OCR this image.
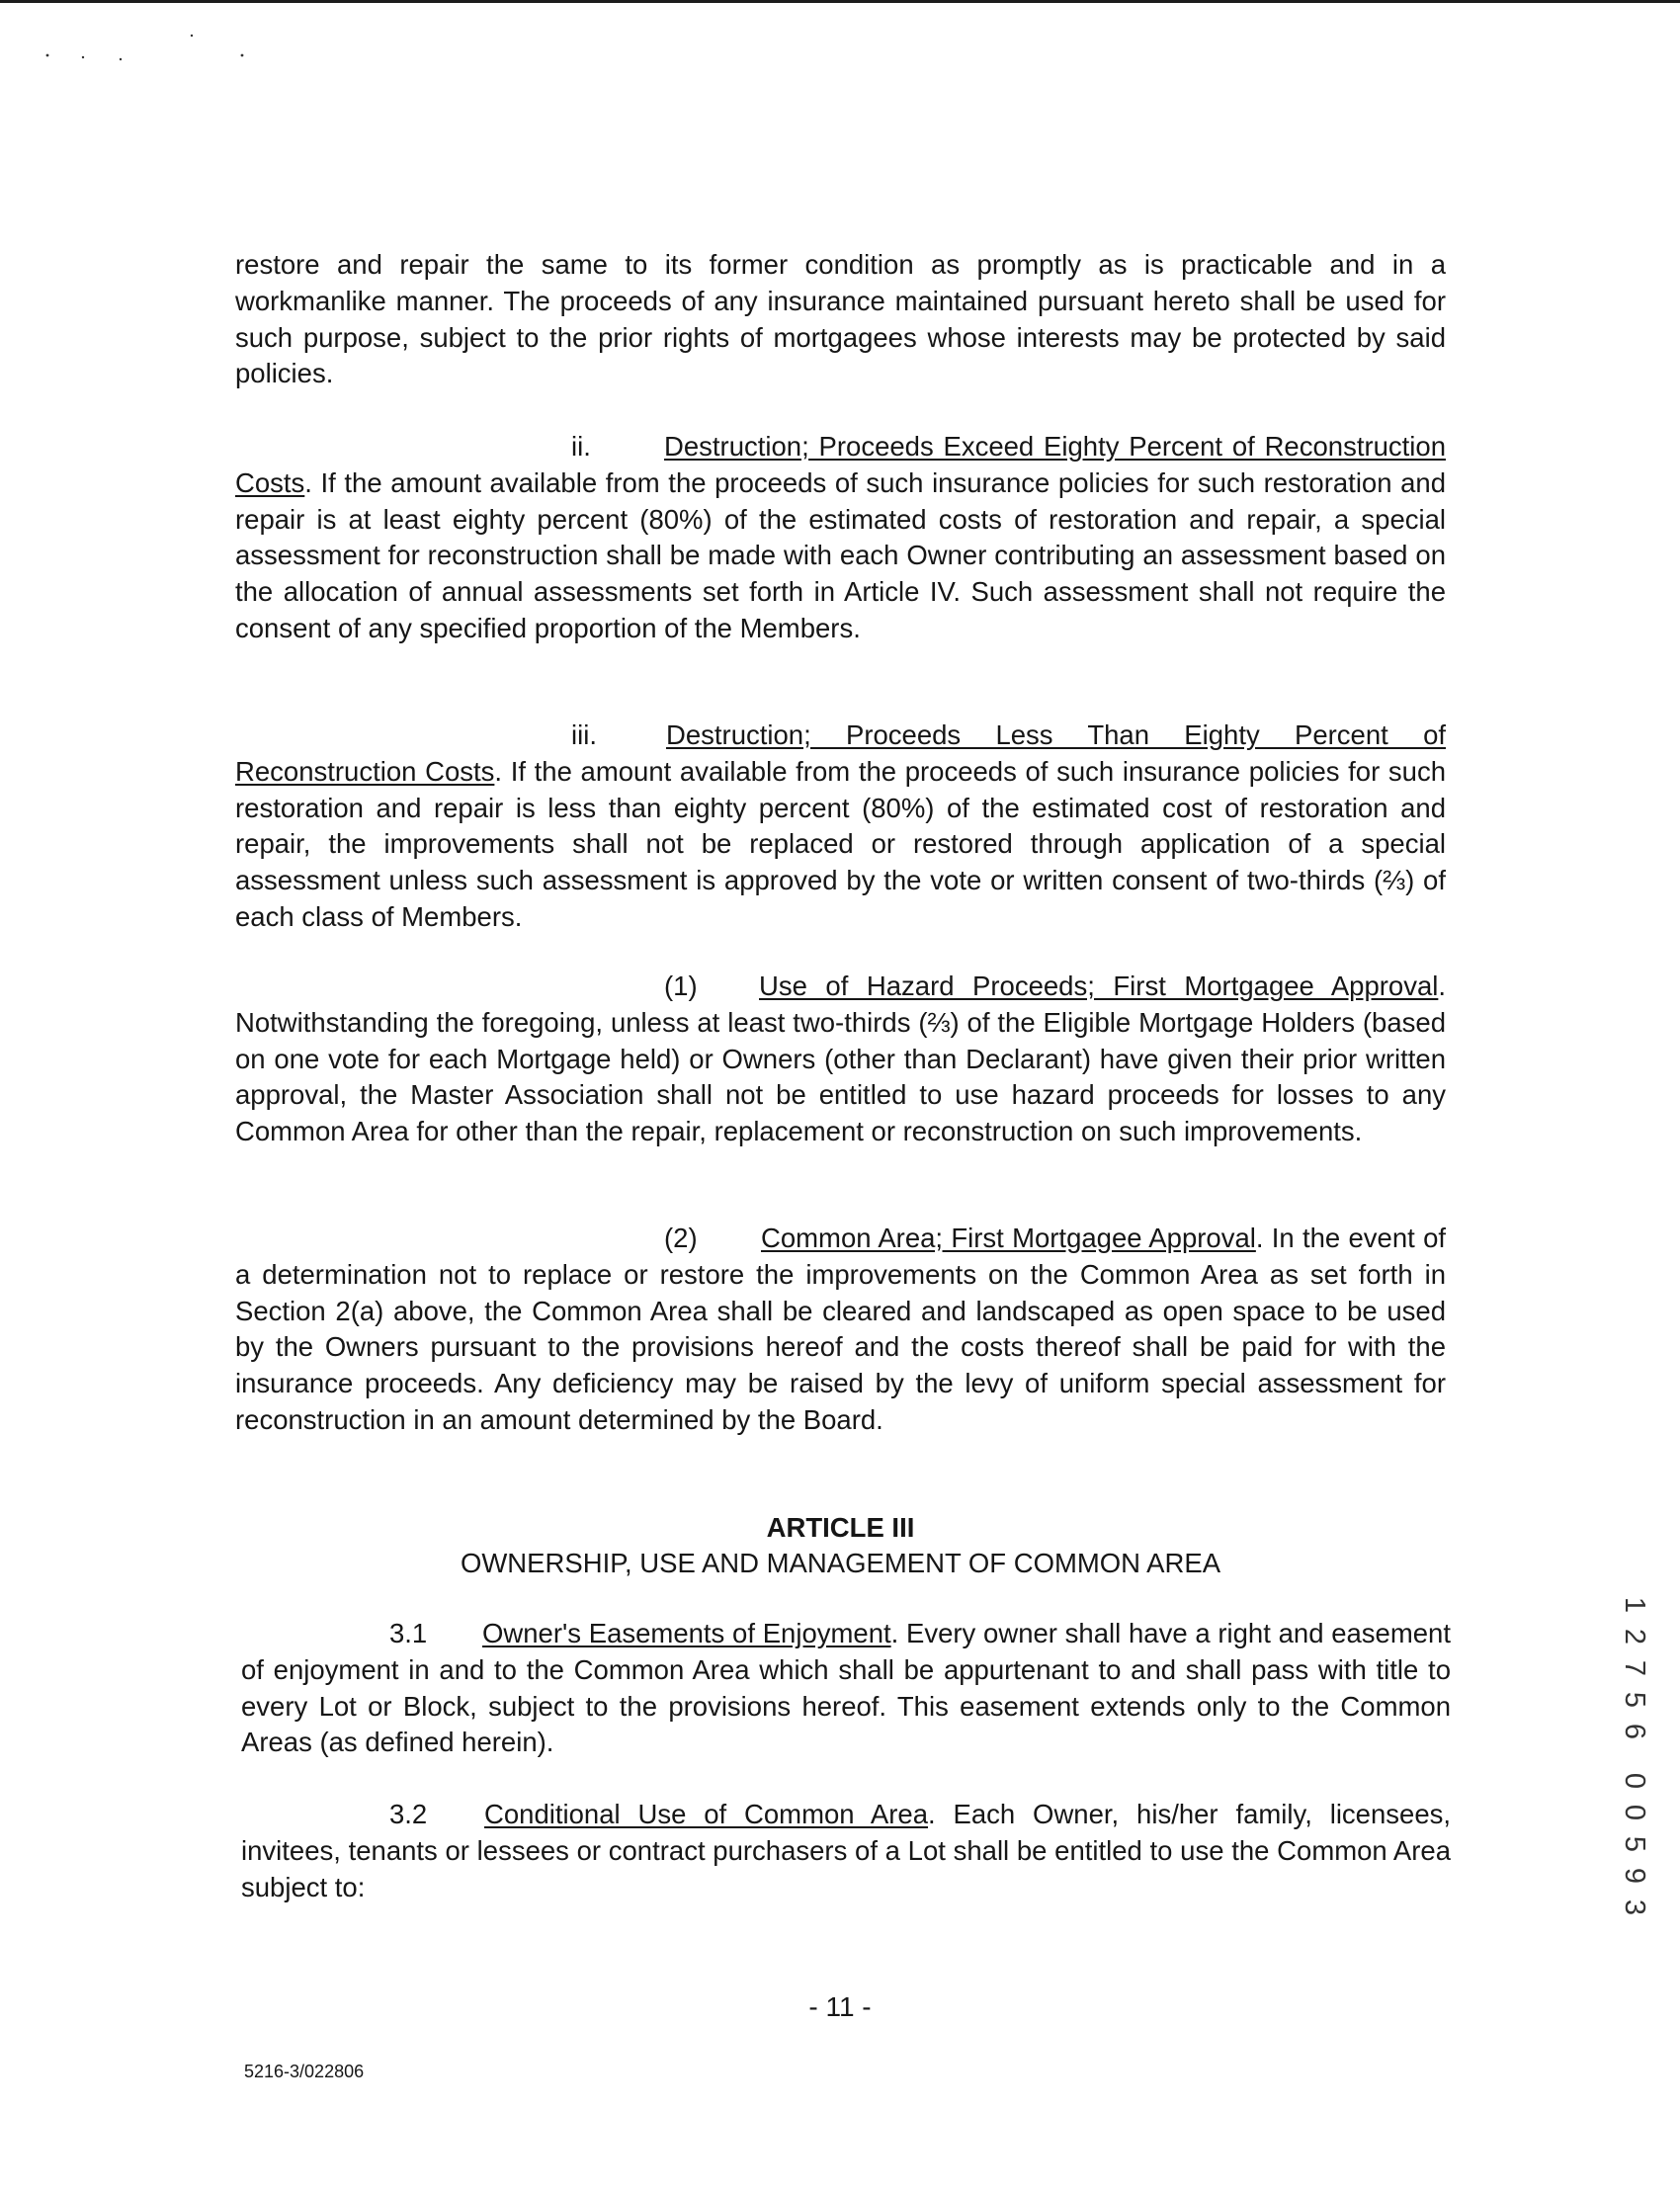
restore and repair the same to its former condition as promptly as is practicable and in a workmanlike manner. The proceeds of any insurance maintained pursuant hereto shall be used for such purpose, subject to the prior rights of mortgagees whose interests may be protected by said policies.

ii.	Destruction; Proceeds Exceed Eighty Percent of Reconstruction Costs. If the amount available from the proceeds of such insurance policies for such restoration and repair is at least eighty percent (80%) of the estimated costs of restoration and repair, a special assessment for reconstruction shall be made with each Owner contributing an assessment based on the allocation of annual assessments set forth in Article IV. Such assessment shall not require the consent of any specified proportion of the Members.

iii.	Destruction; Proceeds Less Than Eighty Percent of Reconstruction Costs. If the amount available from the proceeds of such insurance policies for such restoration and repair is less than eighty percent (80%) of the estimated cost of restoration and repair, the improvements shall not be replaced or restored through application of a special assessment unless such assessment is approved by the vote or written consent of two-thirds (⅔) of each class of Members.

(1) Use of Hazard Proceeds; First Mortgagee Approval. Notwithstanding the foregoing, unless at least two-thirds (⅔) of the Eligible Mortgage Holders (based on one vote for each Mortgage held) or Owners (other than Declarant) have given their prior written approval, the Master Association shall not be entitled to use hazard proceeds for losses to any Common Area for other than the repair, replacement or reconstruction on such improvements.

(2) Common Area; First Mortgagee Approval. In the event of a determination not to replace or restore the improvements on the Common Area as set forth in Section 2(a) above, the Common Area shall be cleared and landscaped as open space to be used by the Owners pursuant to the provisions hereof and the costs thereof shall be paid for with the insurance proceeds. Any deficiency may be raised by the levy of uniform special assessment for reconstruction in an amount determined by the Board.

ARTICLE III
OWNERSHIP, USE AND MANAGEMENT OF COMMON AREA

3.1 Owner's Easements of Enjoyment. Every owner shall have a right and easement of enjoyment in and to the Common Area which shall be appurtenant to and shall pass with title to every Lot or Block, subject to the provisions hereof. This easement extends only to the Common Areas (as defined herein).

3.2 Conditional Use of Common Area. Each Owner, his/her family, licensees, invitees, tenants or lessees or contract purchasers of a Lot shall be entitled to use the Common Area subject to:

- 11 -
5216-3/022806
1
2
7
5
6
0
0
5
9
3
